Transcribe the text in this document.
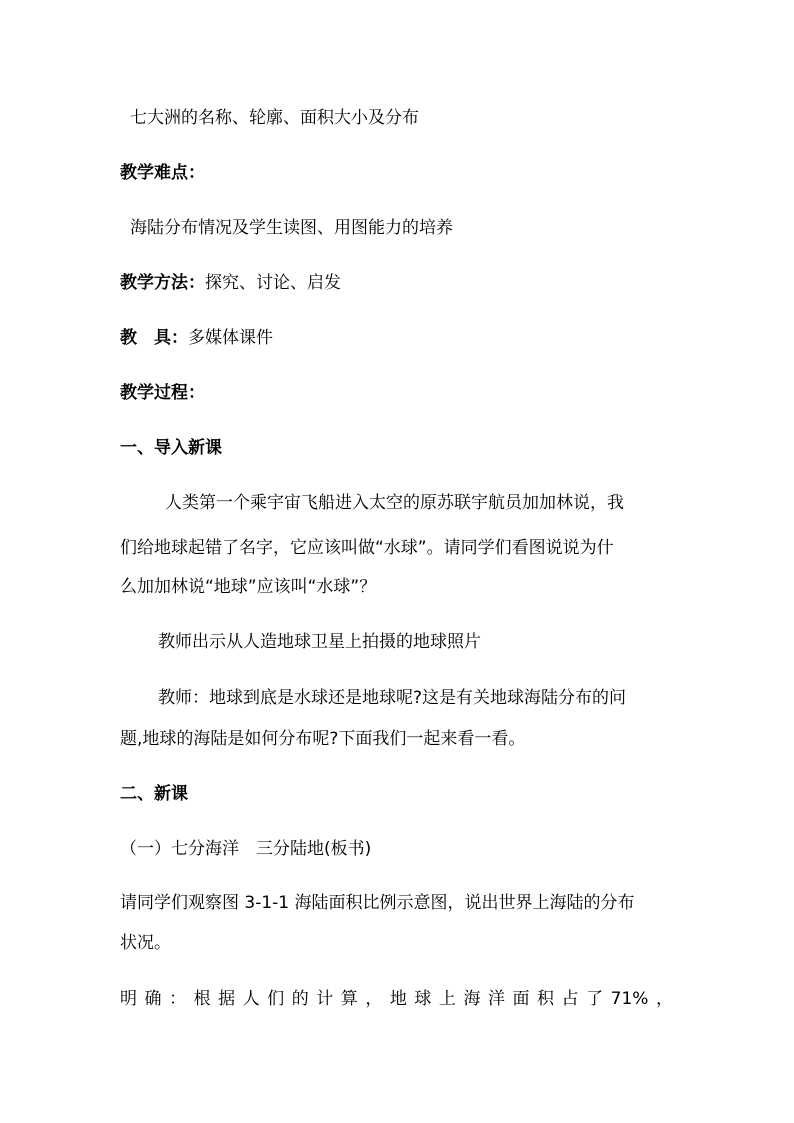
七大洲的名称、轮廓、面积大小及分布
教学难点：
海陆分布情况及学生读图、用图能力的培养
教学方法：探究、讨论、启发
教　具：多媒体课件
教学过程：
一、导入新课
人类第一个乘宇宙飞船进入太空的原苏联宇航员加加林说，我
们给地球起错了名字，它应该叫做“水球”。请同学们看图说说为什
么加加林说“地球”应该叫“水球”？
教师出示从人造地球卫星上拍摄的地球照片
教师：地球到底是水球还是地球呢?这是有关地球海陆分布的问
题,地球的海陆是如何分布呢?下面我们一起来看一看。
二、新课
（一）七分海洋　三分陆地(板书)
请同学们观察图 3-1-1 海陆面积比例示意图，说出世界上海陆的分布
状况。
明 确 ： 根 据 人 们 的 计 算 ， 地 球 上 海 洋 面 积 占 了 71% ，
